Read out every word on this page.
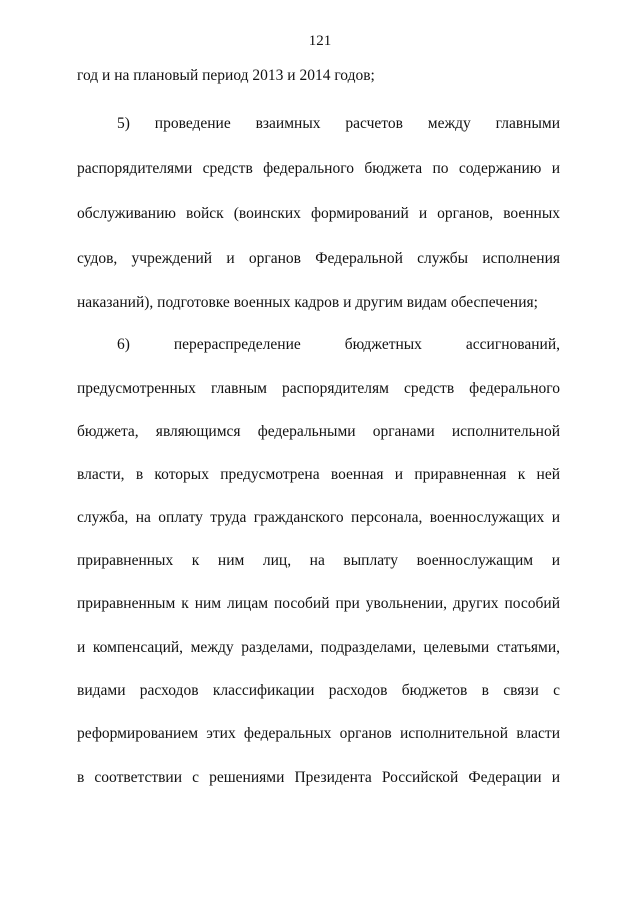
121
год и на плановый период 2013 и 2014 годов;
5) проведение взаимных расчетов между главными
распорядителями средств федерального бюджета по содержанию и
обслуживанию войск (воинских формирований и органов, военных
судов, учреждений и органов Федеральной службы исполнения
наказаний), подготовке военных кадров и другим видам обеспечения;
6) перераспределение бюджетных ассигнований,
предусмотренных главным распорядителям средств федерального
бюджета, являющимся федеральными органами исполнительной
власти, в которых предусмотрена военная и приравненная к ней
служба, на оплату труда гражданского персонала, военнослужащих и
приравненных к ним лиц, на выплату военнослужащим и
приравненным к ним лицам пособий при увольнении, других пособий
и компенсаций, между разделами, подразделами, целевыми статьями,
видами расходов классификации расходов бюджетов в связи с
реформированием этих федеральных органов исполнительной власти
в соответствии с решениями Президента Российской Федерации и
